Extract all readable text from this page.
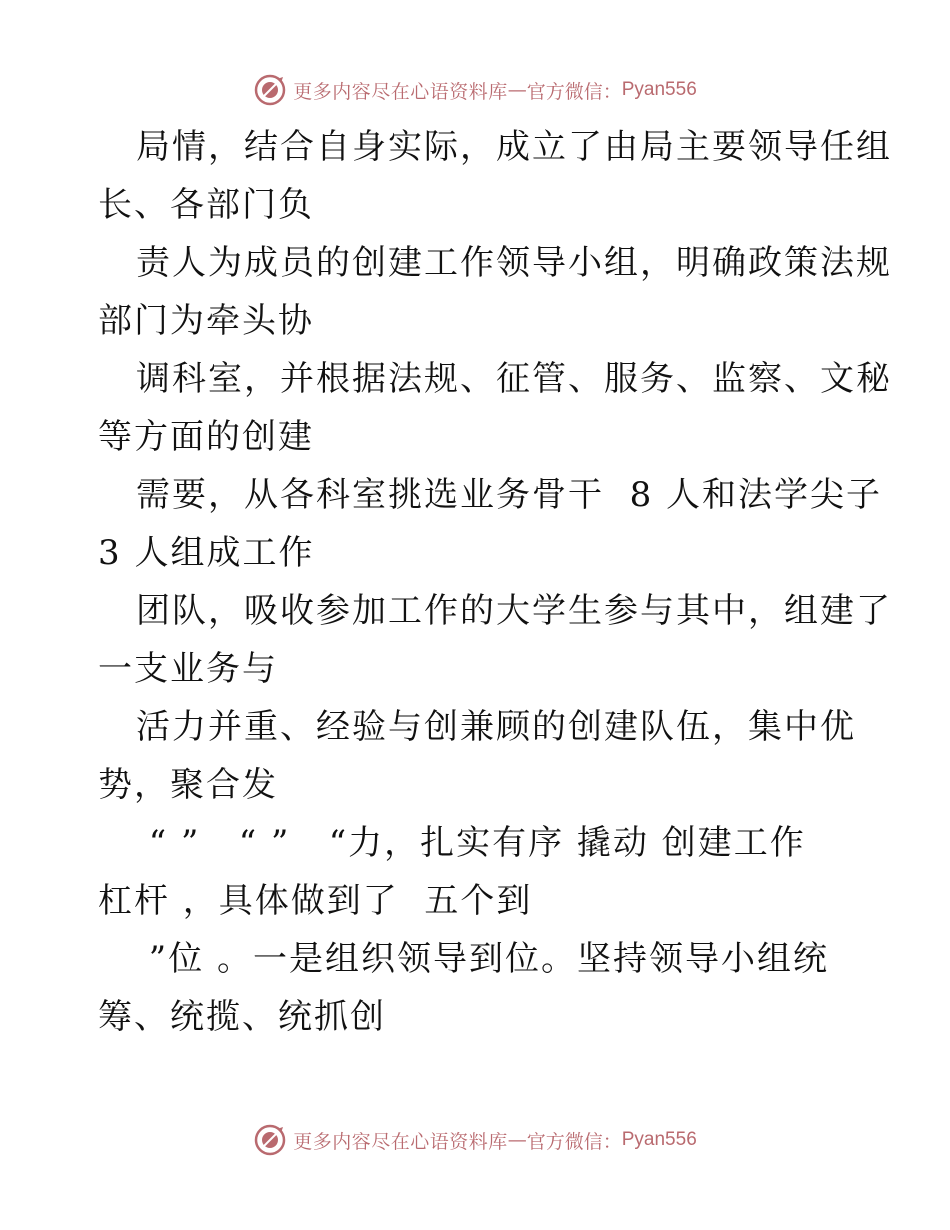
更多内容尽在心语资料库 — 官方微信： Pyan556
局情，结合自身实际，成立了由局主要领导任组
长、各部门负
责人为成员的创建工作领导小组，明确政策法规
部门为牵头协
调科室，并根据法规、征管、服务、监察、文秘
等方面的创建
需要，从各科室挑选业务骨干  8 人和法学尖子
3 人组成工作
团队，吸收参加工作的大学生参与其中，组建了
一支业务与
活力并重、经验与创兼顾的创建队伍，集中优
势，聚合发
“ ”   “ ”   “力，扎实有序 撬动 创建工作
杠杆 ，具体做到了  五个到
”位 。一是组织领导到位。坚持领导小组统
筹、统揽、统抓创
更多内容尽在心语资料库 — 官方微信： Pyan556
